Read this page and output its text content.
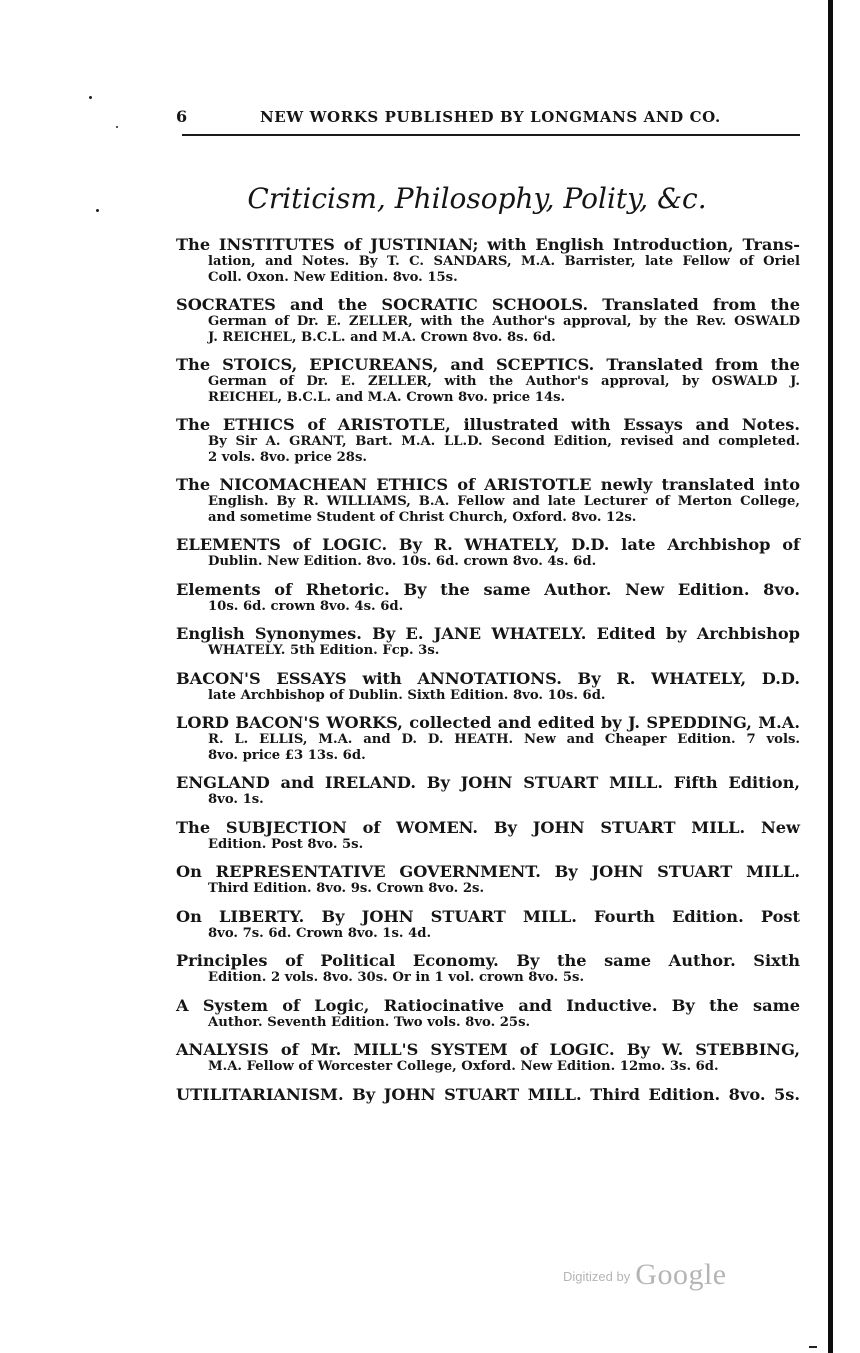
6	NEW WORKS PUBLISHED BY LONGMANS AND CO.
Criticism, Philosophy, Polity, &c.
The INSTITUTES of JUSTINIAN; with English Introduction, Trans-
lation, and Notes. By T. C. SANDARS, M.A. Barrister, late Fellow of Oriel
Coll. Oxon. New Edition. 8vo. 15s.
SOCRATES and the SOCRATIC SCHOOLS. Translated from the
German of Dr. E. ZELLER, with the Author's approval, by the Rev. OSWALD
J. REICHEL, B.C.L. and M.A. Crown 8vo. 8s. 6d.
The STOICS, EPICUREANS, and SCEPTICS. Translated from the
German of Dr. E. ZELLER, with the Author's approval, by OSWALD J.
REICHEL, B.C.L. and M.A. Crown 8vo. price 14s.
The ETHICS of ARISTOTLE, illustrated with Essays and Notes.
By Sir A. GRANT, Bart. M.A. LL.D. Second Edition, revised and completed.
2 vols. 8vo. price 28s.
The NICOMACHEAN ETHICS of ARISTOTLE newly translated into
English. By R. WILLIAMS, B.A. Fellow and late Lecturer of Merton College,
and sometime Student of Christ Church, Oxford. 8vo. 12s.
ELEMENTS of LOGIC. By R. WHATELY, D.D. late Archbishop of
Dublin. New Edition. 8vo. 10s. 6d. crown 8vo. 4s. 6d.
Elements of Rhetoric. By the same Author. New Edition. 8vo.
10s. 6d. crown 8vo. 4s. 6d.
English Synonymes. By E. JANE WHATELY. Edited by Archbishop
WHATELY. 5th Edition. Fcp. 3s.
BACON'S ESSAYS with ANNOTATIONS. By R. WHATELY, D.D.
late Archbishop of Dublin. Sixth Edition. 8vo. 10s. 6d.
LORD BACON'S WORKS, collected and edited by J. SPEDDING, M.A.
R. L. ELLIS, M.A. and D. D. HEATH. New and Cheaper Edition. 7 vols.
8vo. price £3 13s. 6d.
ENGLAND and IRELAND. By JOHN STUART MILL. Fifth Edition,
8vo. 1s.
The SUBJECTION of WOMEN. By JOHN STUART MILL. New
Edition. Post 8vo. 5s.
On REPRESENTATIVE GOVERNMENT. By JOHN STUART MILL.
Third Edition. 8vo. 9s. Crown 8vo. 2s.
On LIBERTY. By JOHN STUART MILL. Fourth Edition. Post
8vo. 7s. 6d. Crown 8vo. 1s. 4d.
Principles of Political Economy. By the same Author. Sixth
Edition. 2 vols. 8vo. 30s. Or in 1 vol. crown 8vo. 5s.
A System of Logic, Ratiocinative and Inductive. By the same
Author. Seventh Edition. Two vols. 8vo. 25s.
ANALYSIS of Mr. MILL'S SYSTEM of LOGIC. By W. STEBBING,
M.A. Fellow of Worcester College, Oxford. New Edition. 12mo. 3s. 6d.
UTILITARIANISM. By JOHN STUART MILL. Third Edition. 8vo. 5s.
Digitized by Google
